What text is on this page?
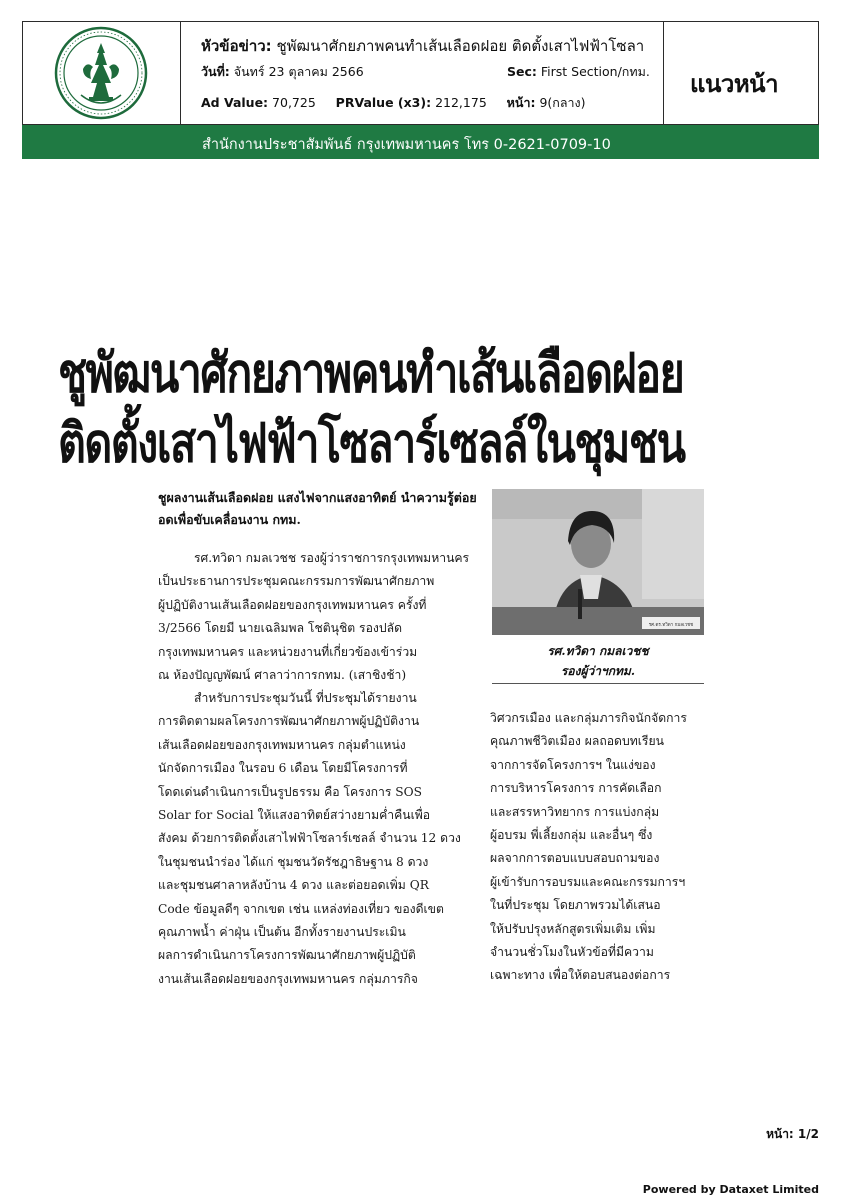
หัวข้อข่าว: ชูพัฒนาศักยภาพคนทำเส้นเลือดฝอย ติดตั้งเสาไฟฟ้าโซลา
วันที่: จันทร์ 23 ตุลาคม 2566	Sec: First Section/กทม.
Ad Value: 70,725 PRValue (x3): 212,175 หน้า: 9(กลาง)
แนวหน้า
สำนักงานประชาสัมพันธ์ กรุงเทพมหานคร โทร 0-2621-0709-10
ชูพัฒนาศักยภาพคนทำเส้นเลือดฝอย
ติดตั้งเสาไฟฟ้าโซลาร์เซลล์ในชุมชน
ชูผลงานเส้นเลือดฝอย แสงไฟจากแสงอาทิตย์ นำความรู้ต่อยอดเพื่อขับเคลื่อนงาน กทม.
รศ.ทวิดา กมลเวชช รองผู้ว่าราชการกรุงเทพมหานคร
เป็นประธานการประชุมคณะกรรมการพัฒนาศักยภาพ
ผู้ปฏิบัติงานเส้นเลือดฝอยของกรุงเทพมหานคร ครั้งที่
3/2566 โดยมี นายเฉลิมพล โชตินุชิต รองปลัด
กรุงเทพมหานคร และหน่วยงานที่เกี่ยวข้องเข้าร่วม
ณ ห้องปัญญพัฒน์ ศาลาว่าการกทม. (เสาชิงช้า)
สำหรับการประชุมวันนี้ ที่ประชุมได้รายงาน
การติดตามผลโครงการพัฒนาศักยภาพผู้ปฏิบัติงาน
เส้นเลือดฝอยของกรุงเทพมหานคร กลุ่มตำแหน่ง
นักจัดการเมือง ในรอบ 6 เดือน โดยมีโครงการที่
โดดเด่นดำเนินการเป็นรูปธรรม คือ โครงการ SOS
Solar for Social ให้แสงอาทิตย์สว่างยามค่ำคืนเพื่อ
สังคม ด้วยการติดตั้งเสาไฟฟ้าโซลาร์เซลล์ จำนวน 12 ดวง
ในชุมชนนำร่อง ได้แก่ ชุมชนวัดรัชฎาธิษฐาน 8 ดวง
และชุมชนศาลาหลังบ้าน 4 ดวง และต่อยอดเพิ่ม QR
Code ข้อมูลดีๆ จากเขต เช่น แหล่งท่องเที่ยว ของดีเขต
คุณภาพน้ำ ค่าฝุ่น เป็นต้น อีกทั้งรายงานประเมิน
ผลการดำเนินการโครงการพัฒนาศักยภาพผู้ปฏิบัติ
งานเส้นเลือดฝอยของกรุงเทพมหานคร กลุ่มภารกิจ
วิศวกรเมือง และกลุ่มภารกิจนักจัดการ
คุณภาพชีวิตเมือง ผลถอดบทเรียน
จากการจัดโครงการฯ ในแง่ของ
การบริหารโครงการ การคัดเลือก
และสรรหาวิทยากร การแบ่งกลุ่ม
ผู้อบรม พี่เลี้ยงกลุ่ม และอื่นๆ ซึ่ง
ผลจากการตอบแบบสอบถามของ
ผู้เข้ารับการอบรมและคณะกรรมการฯ
ในที่ประชุม โดยภาพรวมได้เสนอ
ให้ปรับปรุงหลักสูตรเพิ่มเติม เพิ่ม
จำนวนชั่วโมงในหัวข้อที่มีความ
เฉพาะทาง เพื่อให้ตอบสนองต่อการ
รศ.ดร.ทวิดา กมลเวชช
รศ.ทวิดา กมลเวชช
รองผู้ว่าฯกทม.
หน้า: 1/2
Powered by Dataxet Limited
